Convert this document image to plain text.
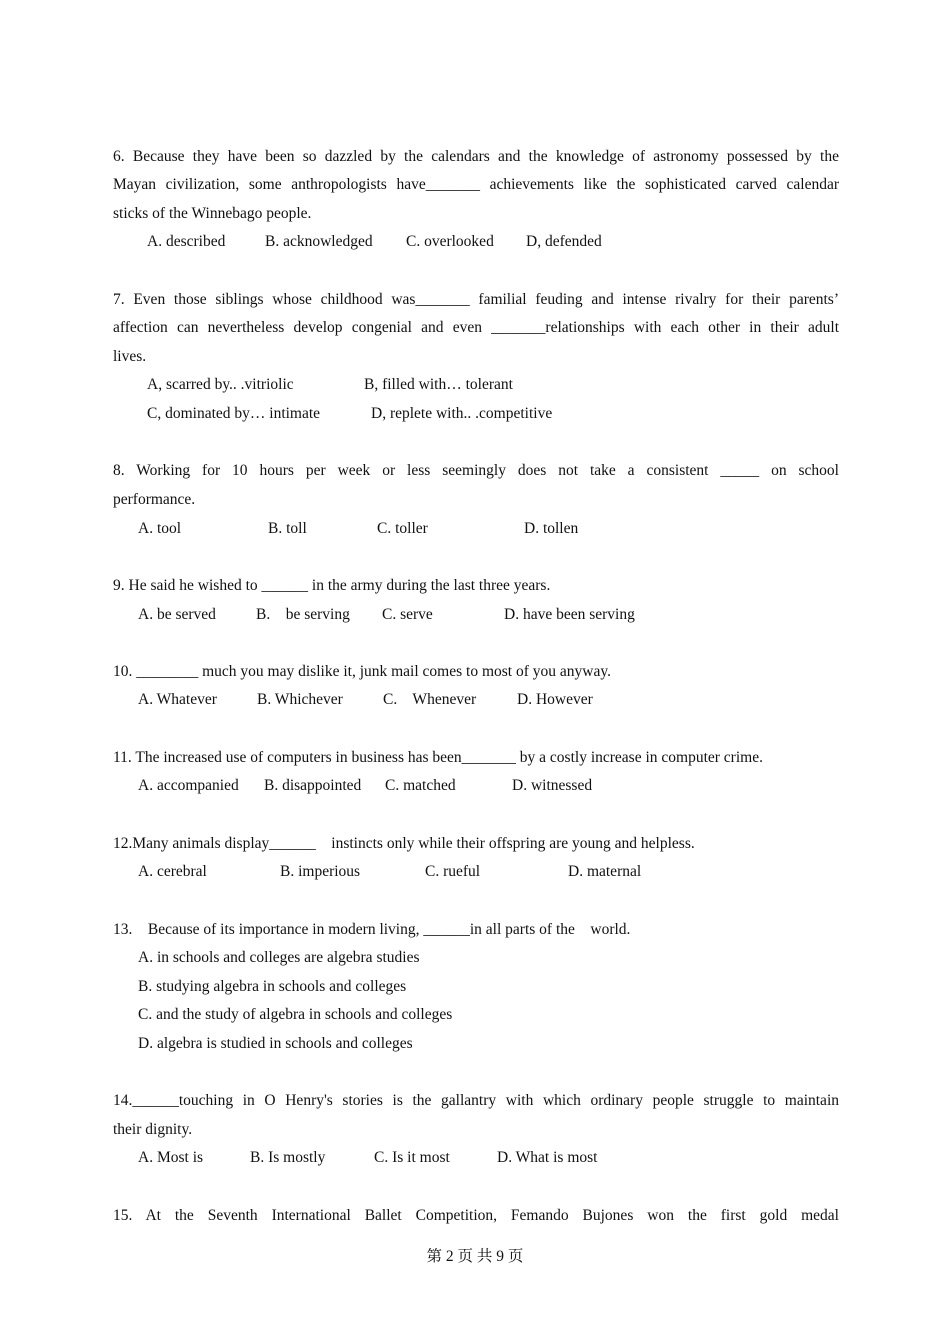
6. Because they have been so dazzled by the calendars and the knowledge of astronomy possessed by the
Mayan civilization, some anthropologists have_______ achievements like the sophisticated carved calendar
sticks of the Winnebago people.
A. described	B. acknowledged C. overlooked D, defended
7. Even those siblings whose childhood was_______ familial feuding and intense rivalry for their parents’
affection can nevertheless develop congenial and even _______relationships with each other in their adult
lives.
A, scarred by.. .vitriolic	B, filled with… tolerant
C, dominated by… intimate	D, replete with.. .competitive
8. Working for 10 hours per week or less seemingly does not take a consistent _____ on school
performance.
A. tool	B. toll	C. toller	D. tollen
9. He said he wished to ______ in the army during the last three years.
A. be served	B.    be serving C. serve	D. have been serving
10. ________ much you may dislike it, junk mail comes to most of you anyway.
A. Whatever	B. Whichever	C.    Whenever	D. However
11. The increased use of computers in business has been_______ by a costly increase in computer crime.
A. accompanied B. disappointed C. matched	D. witnessed
12.Many animals display______    instincts only while their offspring are young and helpless.
A. cerebral	B. imperious	C. rueful	D. maternal
13.    Because of its importance in modern living, ______in all parts of the    world.
A. in schools and colleges are algebra studies
B. studying algebra in schools and colleges
C. and the study of algebra in schools and colleges
D. algebra is studied in schools and colleges
14.______touching in O Henry's stories is the gallantry with which ordinary people struggle to maintain
their dignity.
A. Most is	B. Is mostly	C. Is it most	D. What is most
15. At the Seventh International Ballet Competition, Femando Bujones won the first gold medal
第 2 页 共 9 页
